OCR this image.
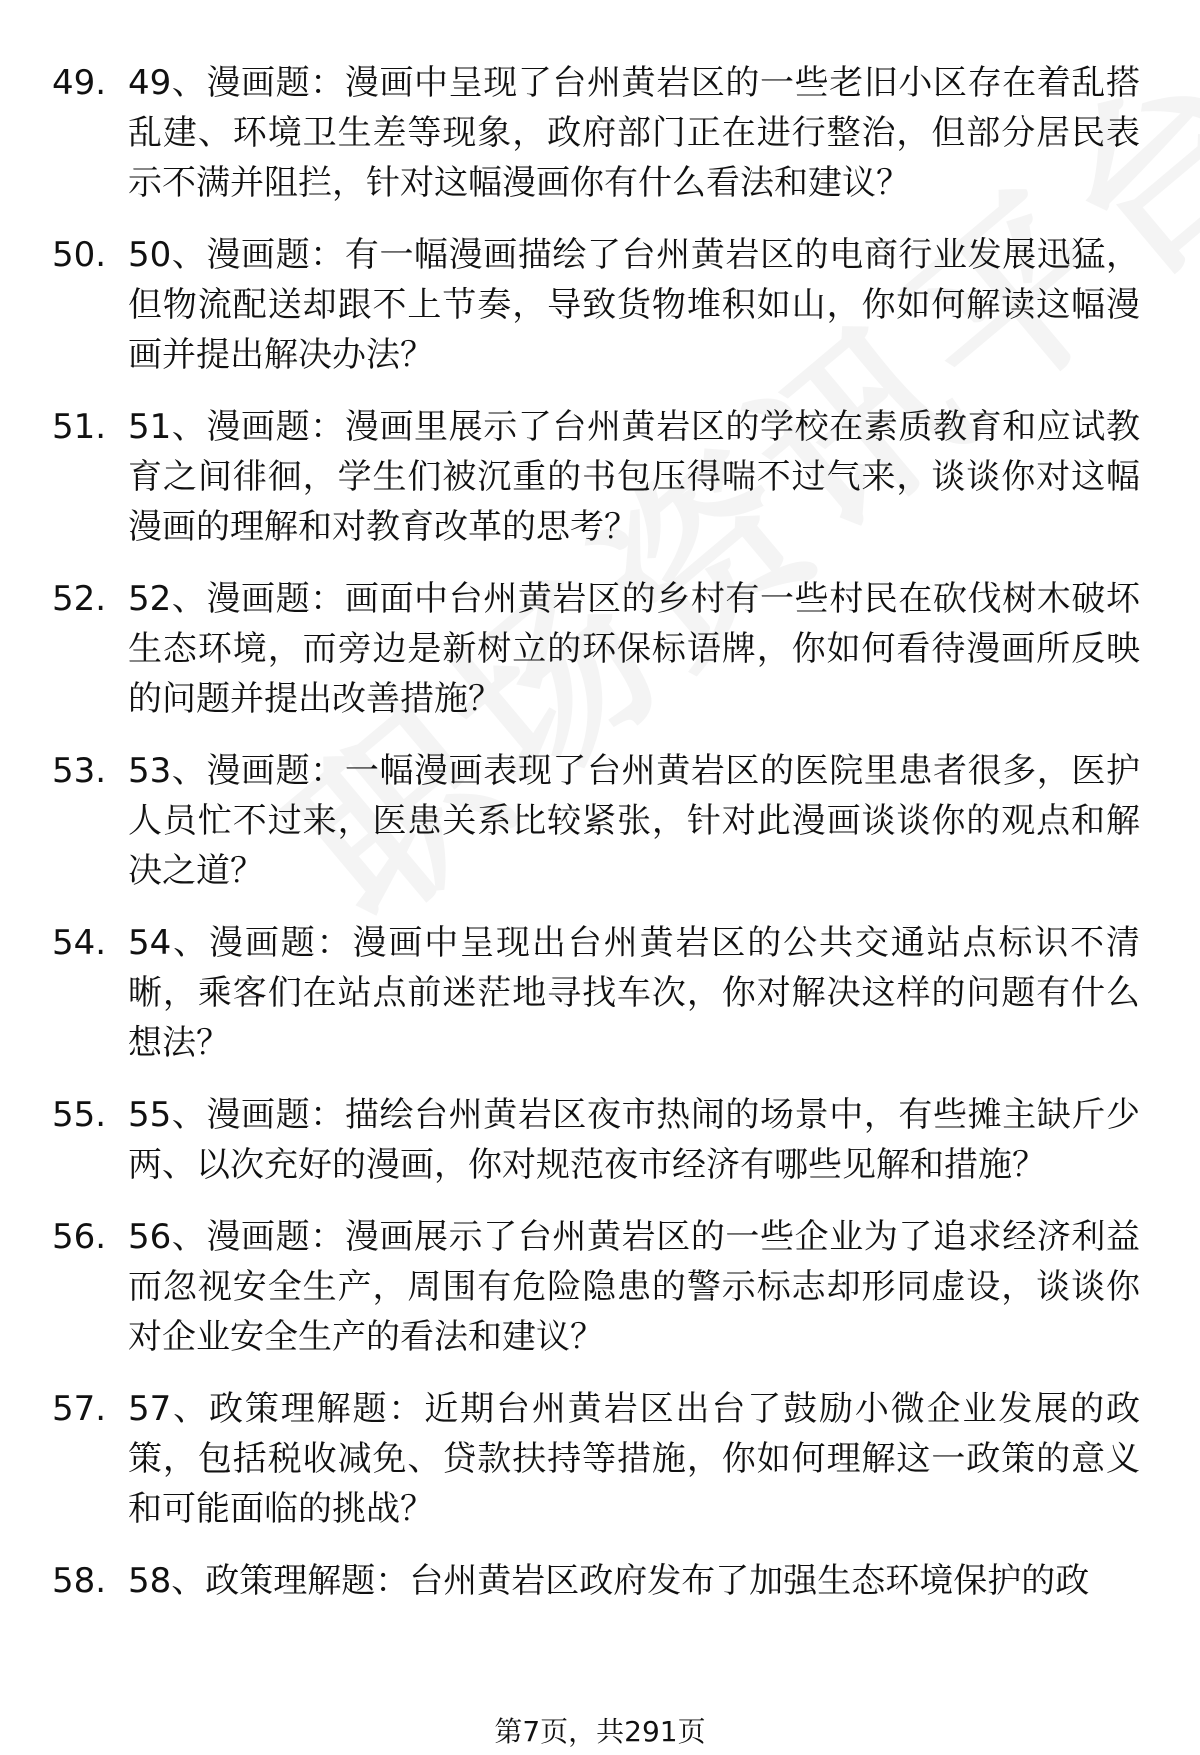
49. 49、漫画题：漫画中呈现了台州黄岩区的一些老旧小区存在着乱搭乱建、环境卫生差等现象，政府部门正在进行整治，但部分居民表示不满并阻拦，针对这幅漫画你有什么看法和建议？
50. 50、漫画题：有一幅漫画描绘了台州黄岩区的电商行业发展迅猛，但物流配送却跟不上节奏，导致货物堆积如山，你如何解读这幅漫画并提出解决办法？
51. 51、漫画题：漫画里展示了台州黄岩区的学校在素质教育和应试教育之间徘徊，学生们被沉重的书包压得喘不过气来，谈谈你对这幅漫画的理解和对教育改革的思考？
52. 52、漫画题：画面中台州黄岩区的乡村有一些村民在砍伐树木破坏生态环境，而旁边是新树立的环保标语牌，你如何看待漫画所反映的问题并提出改善措施？
53. 53、漫画题：一幅漫画表现了台州黄岩区的医院里患者很多，医护人员忙不过来，医患关系比较紧张，针对此漫画谈谈你的观点和解决之道？
54. 54、漫画题：漫画中呈现出台州黄岩区的公共交通站点标识不清晰，乘客们在站点前迷茫地寻找车次，你对解决这样的问题有什么想法？
55. 55、漫画题：描绘台州黄岩区夜市热闹的场景中，有些摊主缺斤少两、以次充好的漫画，你对规范夜市经济有哪些见解和措施？
56. 56、漫画题：漫画展示了台州黄岩区的一些企业为了追求经济利益而忽视安全生产，周围有危险隐患的警示标志却形同虚设，谈谈你对企业安全生产的看法和建议？
57. 57、政策理解题：近期台州黄岩区出台了鼓励小微企业发展的政策，包括税收减免、贷款扶持等措施，你如何理解这一政策的意义和可能面临的挑战？
58. 58、政策理解题：台州黄岩区政府发布了加强生态环境保护的政
第7页，共291页
